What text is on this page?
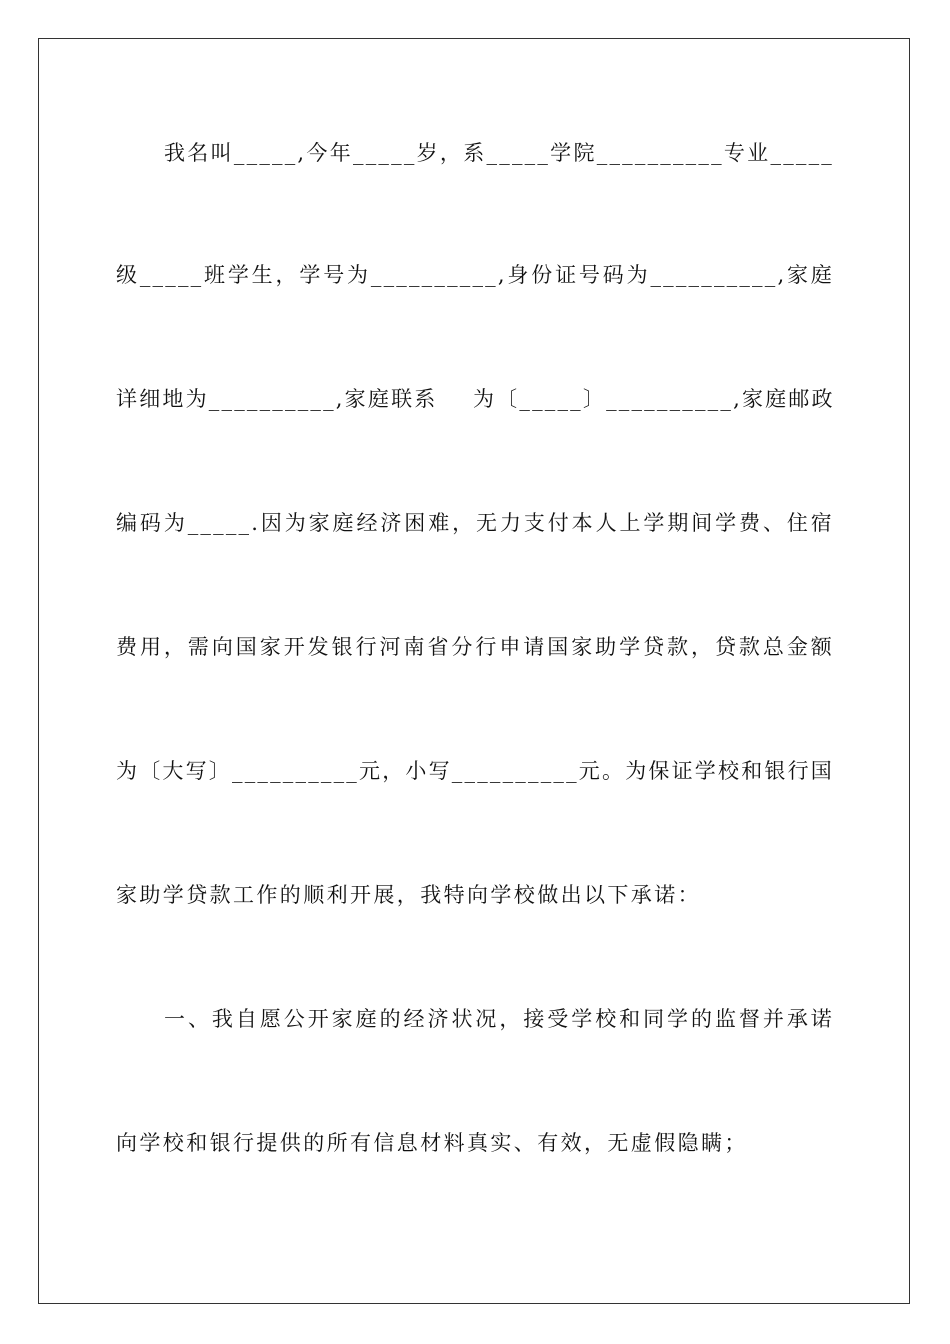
我名叫_____,今年_____岁，系_____学院__________专业_____
级_____班学生，学号为__________,身份证号码为__________,家庭
详细地为__________,家庭联系    为〔_____〕__________,家庭邮政
编码为_____.因为家庭经济困难，无力支付本人上学期间学费、住宿
费用，需向国家开发银行河南省分行申请国家助学贷款，贷款总金额
为〔大写〕__________元，小写__________元。为保证学校和银行国
家助学贷款工作的顺利开展，我特向学校做出以下承诺：
一、我自愿公开家庭的经济状况，接受学校和同学的监督并承诺
向学校和银行提供的所有信息材料真实、有效，无虚假隐瞒；
